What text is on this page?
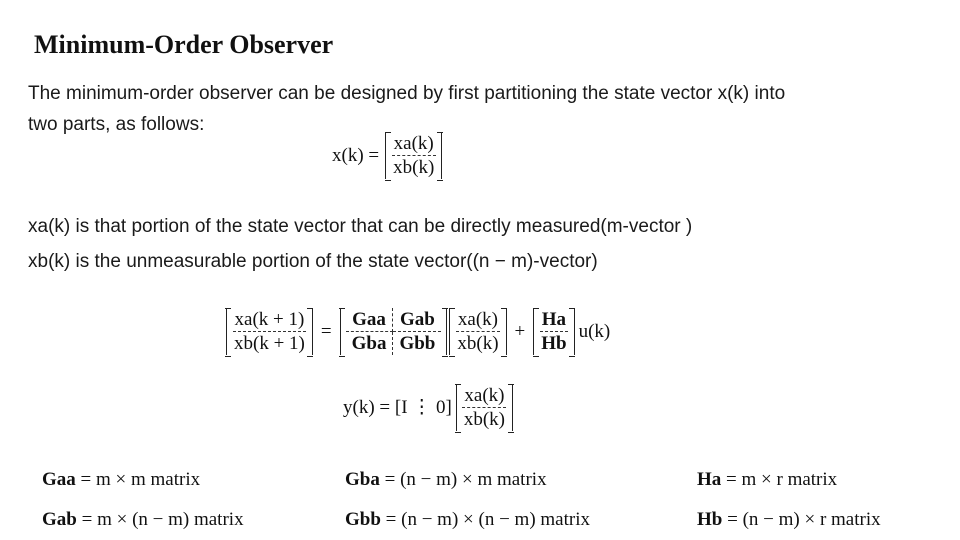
Minimum-Order Observer
The minimum-order observer can be designed by first partitioning the state vector x(k) into
two parts, as follows:
$x(k) = \frac{xa(k)}{xb(k)}$
xa(k) is that portion of the state vector that can be directly measured(m-vector )
xb(k) is the unmeasurable portion of the state vector((n − m)-vector)
$\frac{xa(k + 1)}{xb(k + 1)}$ =
Gaa Gab
Gba Gbb
xa(k)
xb(k)
+ $\frac{Ha}{Hb} u(k)$
y(k) = [I ⋮ 0]
xa(k)
xb(k)
Gaa = m × m matrix	Gba = (n − m) × m matrix	Ha = m × r matrix
Gab = m × (n − m) matrix	Gbb = (n − m) × (n − m) matrix	Hb = (n − m) × r matrix
